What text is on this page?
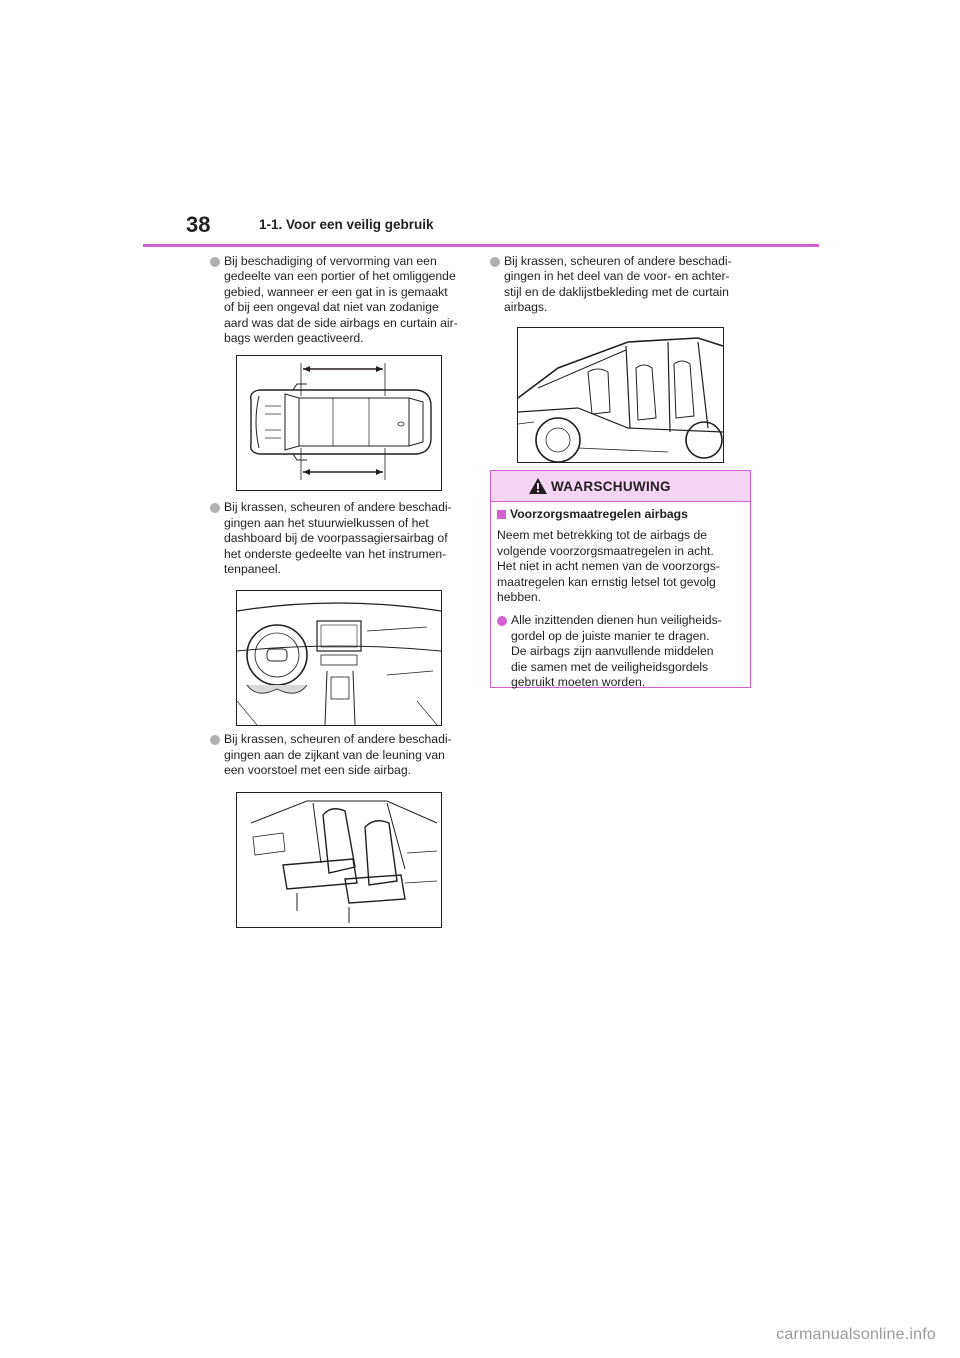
38	1-1. Voor een veilig gebruik
Bij beschadiging of vervorming van een
gedeelte van een portier of het omliggende
gebied, wanneer er een gat in is gemaakt
of bij een ongeval dat niet van zodanige
aard was dat de side airbags en curtain air-
bags werden geactiveerd.
Bij krassen, scheuren of andere beschadi-
gingen aan het stuurwielkussen of het
dashboard bij de voorpassagiersairbag of
het onderste gedeelte van het instrumen-
tenpaneel.
Bij krassen, scheuren of andere beschadi-
gingen aan de zijkant van de leuning van
een voorstoel met een side airbag.
Bij krassen, scheuren of andere beschadi-
gingen in het deel van de voor- en achter-
stijl en de daklijstbekleding met de curtain
airbags.
WAARSCHUWING
Voorzorgsmaatregelen airbags
Neem met betrekking tot de airbags de
volgende voorzorgsmaatregelen in acht.
Het niet in acht nemen van de voorzorgs-
maatregelen kan ernstig letsel tot gevolg
hebben.
Alle inzittenden dienen hun veiligheids-
gordel op de juiste manier te dragen.
De airbags zijn aanvullende middelen
die samen met de veiligheidsgordels
gebruikt moeten worden.
carmanualsonline.info
